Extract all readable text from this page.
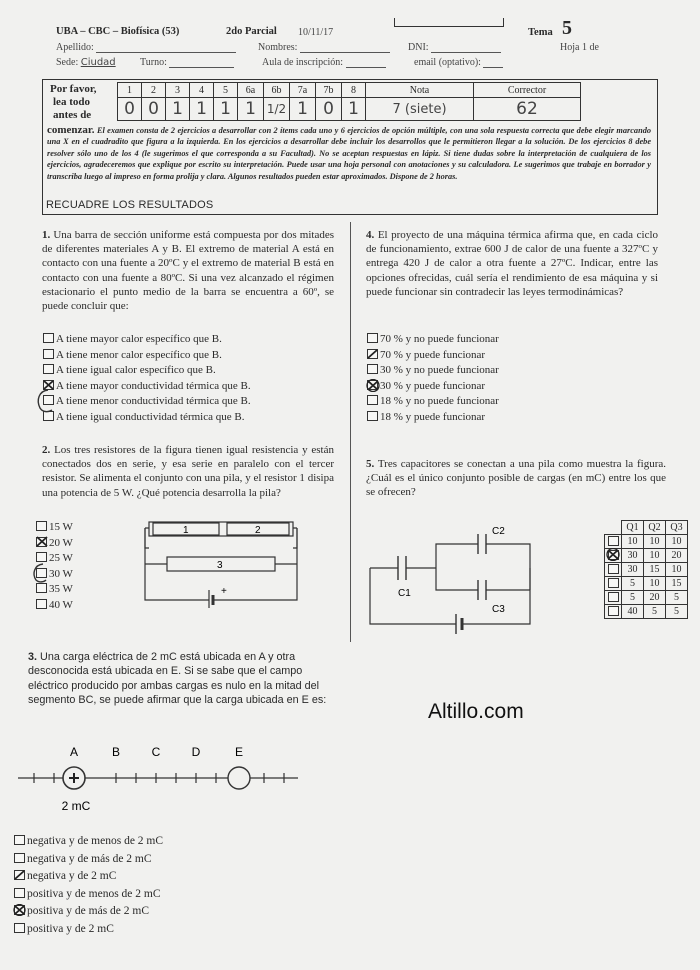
UBA – CBC – Biofísica (53)	2do Parcial 10/11/17	Tema 5
Apellido:	Nombres:	DNI:	Hoja 1 de
Sede: Ciudad Turno:	Aula de inscripción:	email (optativo):
Por favor,
lea todo
antes de
1	2	3	4	5	6a	6b	7a	7b	8	Nota	Corrector
0	0	1	1	1	1	1/2	1	0	1	7 (siete)	62
comenzar. El examen consta de 2 ejercicios a desarrollar con 2 ítems cada uno y 6 ejercicios de opción múltiple, con una sola respuesta correcta que debe elegir marcando una X en el cuadradito que figura a la izquierda. En los ejercicios a desarrollar debe incluir los desarrollos que le permitieron llegar a la solución. De los ejercicios 8 debe resolver sólo uno de los 4 (le sugerimos el que corresponda a su Facultad). No se aceptan respuestas en lápiz. Si tiene dudas sobre la interpretación de cualquiera de los ejercicios, agradeceremos que explique por escrito su interpretación. Puede usar una hoja personal con anotaciones y su calculadora. Le sugerimos que trabaje en borrador y transcriba luego al impreso en forma prolija y clara. Algunos resultados pueden estar aproximados. Dispone de 2 horas.
RECUADRE LOS RESULTADOS
1. Una barra de sección uniforme está compuesta por dos mitades de diferentes materiales A y B. El extremo de material A está en contacto con una fuente a 20ºC y el extremo de material B está en contacto con una fuente a 80ºC. Si una vez alcanzado el régimen estacionario el punto medio de la barra se encuentra a 60º, se puede concluir que:
A tiene mayor calor específico que B.
A tiene menor calor específico que B.
A tiene igual calor específico que B.
A tiene mayor conductividad térmica que B.
A tiene menor conductividad térmica que B.
A tiene igual conductividad térmica que B.
2. Los tres resistores de la figura tienen igual resistencia y están conectados dos en serie, y esa serie en paralelo con el tercer resistor. Se alimenta el conjunto con una pila, y el resistor 1 disipa una potencia de 5 W. ¿Qué potencia desarrolla la pila?
15 W
20 W
25 W
30 W
35 W
40 W
1	2
3
+
3. Una carga eléctrica de 2 mC está ubicada en A y otra desconocida está ubicada en E. Si se sabe que el campo eléctrico producido por ambas cargas es nulo en la mitad del segmento BC, se puede afirmar que la carga ubicada en E es:
A	B	C	D	E
2 mC
negativa y de menos de 2 mC
negativa y de más de 2 mC
negativa y de 2 mC
positiva y de menos de 2 mC
positiva y de más de 2 mC
positiva y de 2 mC
4. El proyecto de una máquina térmica afirma que, en cada ciclo de funcionamiento, extrae 600 J de calor de una fuente a 327ºC y entrega 420 J de calor a otra fuente a 27ºC. Indicar, entre las opciones ofrecidas, cuál sería el rendimiento de esa máquina y si puede funcionar sin contradecir las leyes termodinámicas?
70 % y no puede funcionar
70 % y puede funcionar
30 % y no puede funcionar
30 % y puede funcionar
18 % y no puede funcionar
18 % y puede funcionar
5. Tres capacitores se conectan a una pila como muestra la figura. ¿Cuál es el único conjunto posible de cargas (en mC) entre los que se ofrecen?
C1
C2
C3
	Q1	Q2	Q3
	10	10	10

	30	10	20
	30	15	10
	5	10	15
	5	20	5
	40	5	5
Altillo.com
